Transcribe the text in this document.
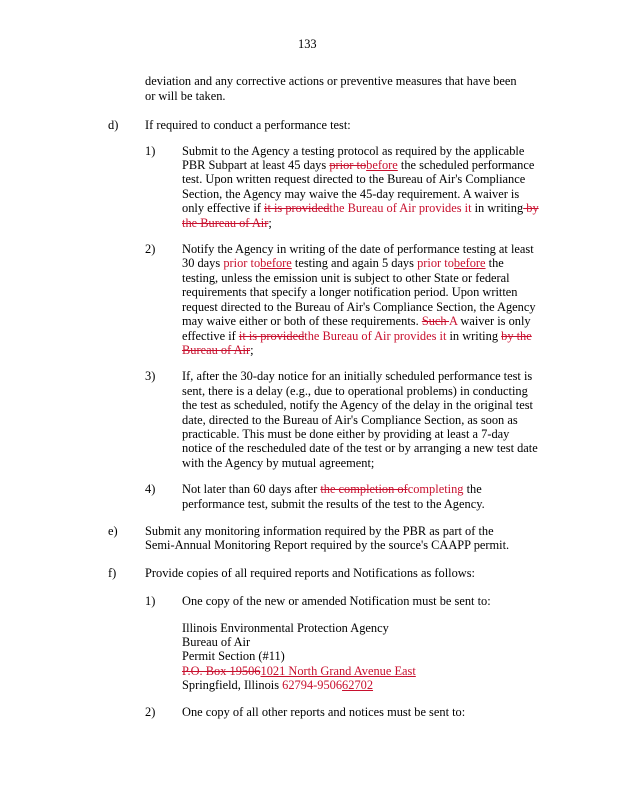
133
deviation and any corrective actions or preventive measures that have been or will be taken.
d)	If required to conduct a performance test:
1)	Submit to the Agency a testing protocol as required by the applicable PBR Subpart at least 45 days prior tobefore the scheduled performance test. Upon written request directed to the Bureau of Air's Compliance Section, the Agency may waive the 45-day requirement. A waiver is only effective if it is providedthe Bureau of Air provides it in writing by the Bureau of Air;
2)	Notify the Agency in writing of the date of performance testing at least 30 days prior tobefore testing and again 5 days prior tobefore the testing, unless the emission unit is subject to other State or federal requirements that specify a longer notification period. Upon written request directed to the Bureau of Air's Compliance Section, the Agency may waive either or both of these requirements. Such A waiver is only effective if it is providedthe Bureau of Air provides it in writing by the Bureau of Air;
3)	If, after the 30-day notice for an initially scheduled performance test is sent, there is a delay (e.g., due to operational problems) in conducting the test as scheduled, notify the Agency of the delay in the original test date, directed to the Bureau of Air's Compliance Section, as soon as practicable. This must be done either by providing at least a 7-day notice of the rescheduled date of the test or by arranging a new test date with the Agency by mutual agreement;
4)	Not later than 60 days after the completion ofcompleting the performance test, submit the results of the test to the Agency.
e)	Submit any monitoring information required by the PBR as part of the Semi-Annual Monitoring Report required by the source's CAAPP permit.
f)	Provide copies of all required reports and Notifications as follows:
1)	One copy of the new or amended Notification must be sent to:
Illinois Environmental Protection Agency
Bureau of Air
Permit Section (#11)
P.O. Box 195061021 North Grand Avenue East
Springfield, Illinois 62794-950662702
2)	One copy of all other reports and notices must be sent to:
